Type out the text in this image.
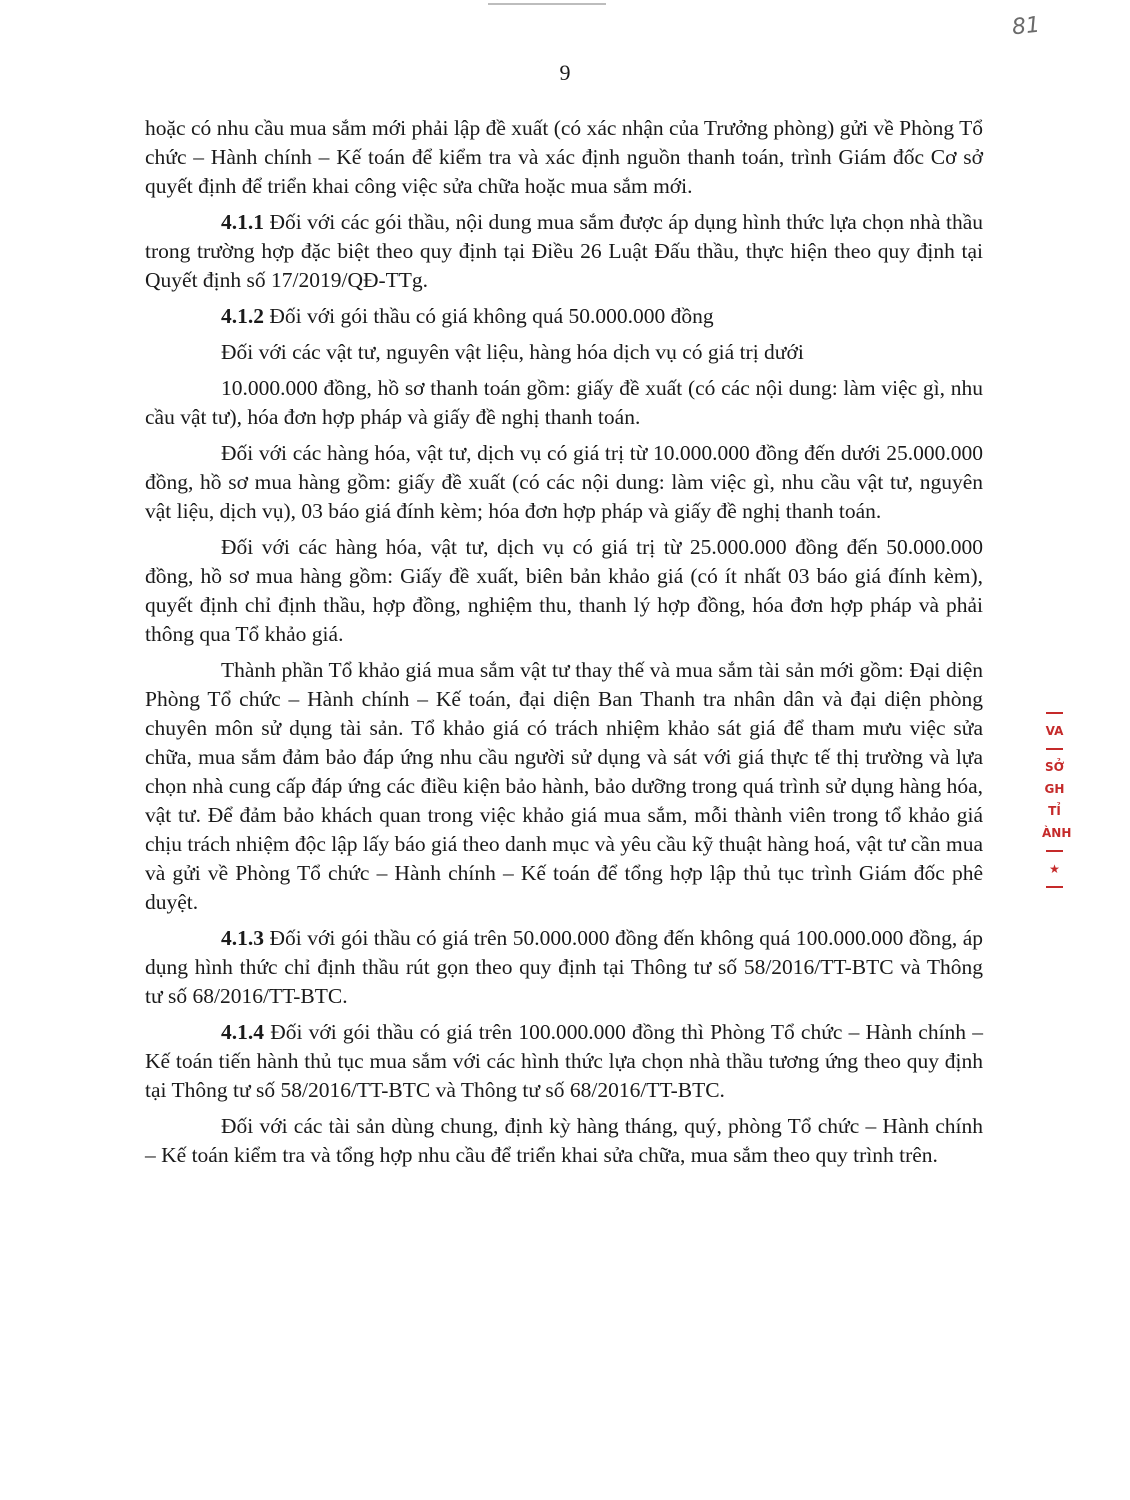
81
9

hoặc có nhu cầu mua sắm mới phải lập đề xuất (có xác nhận của Trưởng phòng) gửi về Phòng Tổ chức – Hành chính – Kế toán để kiểm tra và xác định nguồn thanh toán, trình Giám đốc Cơ sở quyết định để triển khai công việc sửa chữa hoặc mua sắm mới.

4.1.1 Đối với các gói thầu, nội dung mua sắm được áp dụng hình thức lựa chọn nhà thầu trong trường hợp đặc biệt theo quy định tại Điều 26 Luật Đấu thầu, thực hiện theo quy định tại Quyết định số 17/2019/QĐ-TTg.

4.1.2 Đối với gói thầu có giá không quá 50.000.000 đồng

Đối với các vật tư, nguyên vật liệu, hàng hóa dịch vụ có giá trị dưới

10.000.000 đồng, hồ sơ thanh toán gồm: giấy đề xuất (có các nội dung: làm việc gì, nhu cầu vật tư), hóa đơn hợp pháp và giấy đề nghị thanh toán.

Đối với các hàng hóa, vật tư, dịch vụ có giá trị từ 10.000.000 đồng đến dưới 25.000.000 đồng, hồ sơ mua hàng gồm: giấy đề xuất (có các nội dung: làm việc gì, nhu cầu vật tư, nguyên vật liệu, dịch vụ), 03 báo giá đính kèm; hóa đơn hợp pháp và giấy đề nghị thanh toán.

Đối với các hàng hóa, vật tư, dịch vụ có giá trị từ 25.000.000 đồng đến 50.000.000 đồng, hồ sơ mua hàng gồm: Giấy đề xuất, biên bản khảo giá (có ít nhất 03 báo giá đính kèm), quyết định chỉ định thầu, hợp đồng, nghiệm thu, thanh lý hợp đồng, hóa đơn hợp pháp và phải thông qua Tổ khảo giá.

Thành phần Tổ khảo giá mua sắm vật tư thay thế và mua sắm tài sản mới gồm: Đại diện Phòng Tổ chức – Hành chính – Kế toán, đại diện Ban Thanh tra nhân dân và đại diện phòng chuyên môn sử dụng tài sản. Tổ khảo giá có trách nhiệm khảo sát giá để tham mưu việc sửa chữa, mua sắm đảm bảo đáp ứng nhu cầu người sử dụng và sát với giá thực tế thị trường và lựa chọn nhà cung cấp đáp ứng các điều kiện bảo hành, bảo dưỡng trong quá trình sử dụng hàng hóa, vật tư. Để đảm bảo khách quan trong việc khảo giá mua sắm, mỗi thành viên trong tổ khảo giá chịu trách nhiệm độc lập lấy báo giá theo danh mục và yêu cầu kỹ thuật hàng hoá, vật tư cần mua và gửi về Phòng Tổ chức – Hành chính – Kế toán để tổng hợp lập thủ tục trình Giám đốc phê duyệt.

4.1.3 Đối với gói thầu có giá trên 50.000.000 đồng đến không quá 100.000.000 đồng, áp dụng hình thức chỉ định thầu rút gọn theo quy định tại Thông tư số 58/2016/TT-BTC và Thông tư số 68/2016/TT-BTC.

4.1.4 Đối với gói thầu có giá trên 100.000.000 đồng thì Phòng Tổ chức – Hành chính – Kế toán tiến hành thủ tục mua sắm với các hình thức lựa chọn nhà thầu tương ứng theo quy định tại Thông tư số 58/2016/TT-BTC và Thông tư số 68/2016/TT-BTC.

Đối với các tài sản dùng chung, định kỳ hàng tháng, quý, phòng Tổ chức – Hành chính – Kế toán kiểm tra và tổng hợp nhu cầu để triển khai sửa chữa, mua sắm theo quy trình trên.

VA
SỞ
GH
TỈ
ÀNH
★
